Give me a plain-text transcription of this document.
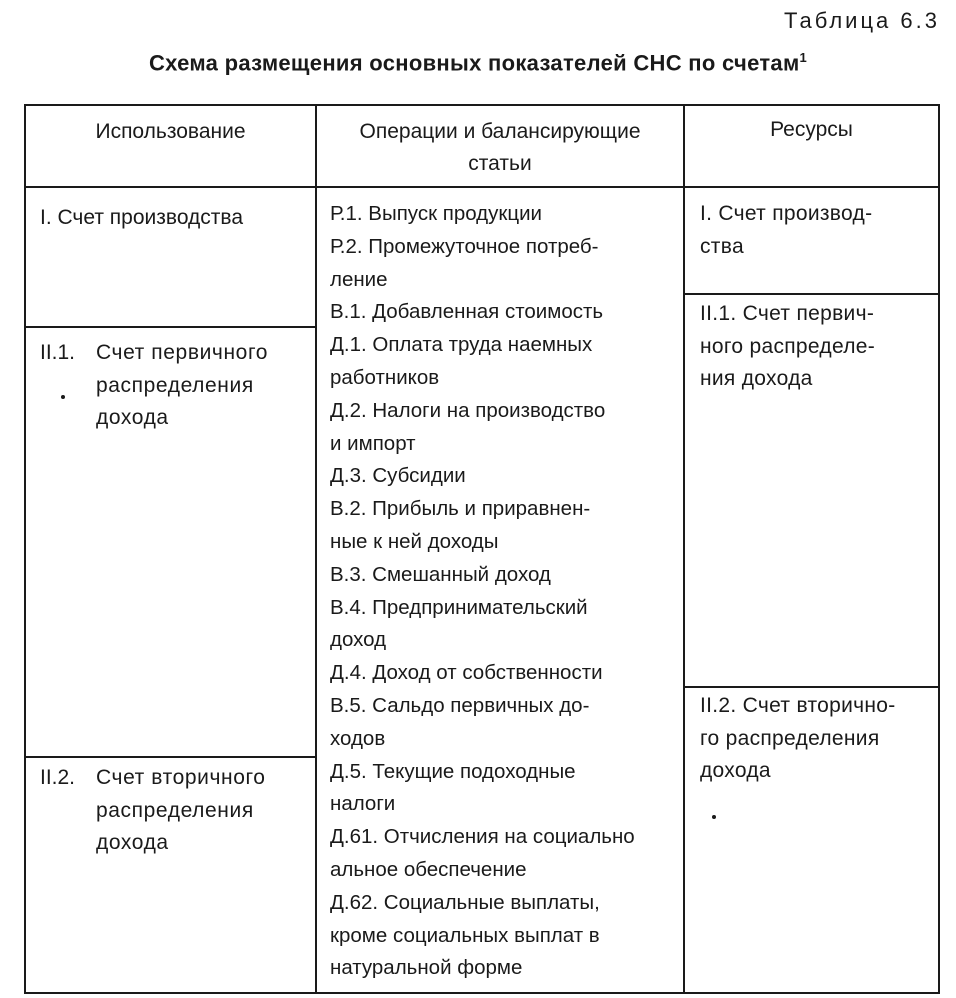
Таблица 6.3
Схема размещения основных показателей СНС по счетам$^1$
Использование	Операции и балансирующие
статьи
Ресурсы
I. Счет производства
II.1. Счет первичного
распределения
дохода
II.2. Счет вторичного
распределения
дохода
Р.1. Выпуск продукции
Р.2. Промежуточное потреб-
ление
В.1. Добавленная стоимость
Д.1. Оплата труда наемных
работников
Д.2. Налоги на производство
и импорт
Д.3. Субсидии
В.2. Прибыль и приравнен-
ные к ней доходы
В.3. Смешанный доход
В.4. Предпринимательский
доход
Д.4. Доход от собственности
В.5. Сальдо первичных до-
ходов
Д.5. Текущие подоходные
налоги
Д.61. Отчисления на социально
альное обеспечение
Д.62. Социальные выплаты,
кроме социальных выплат в
натуральной форме
I. Счет производ-
ства
II.1. Счет первич-
ного распределе-
ния дохода
II.2. Счет вторично-
го распределения
дохода
